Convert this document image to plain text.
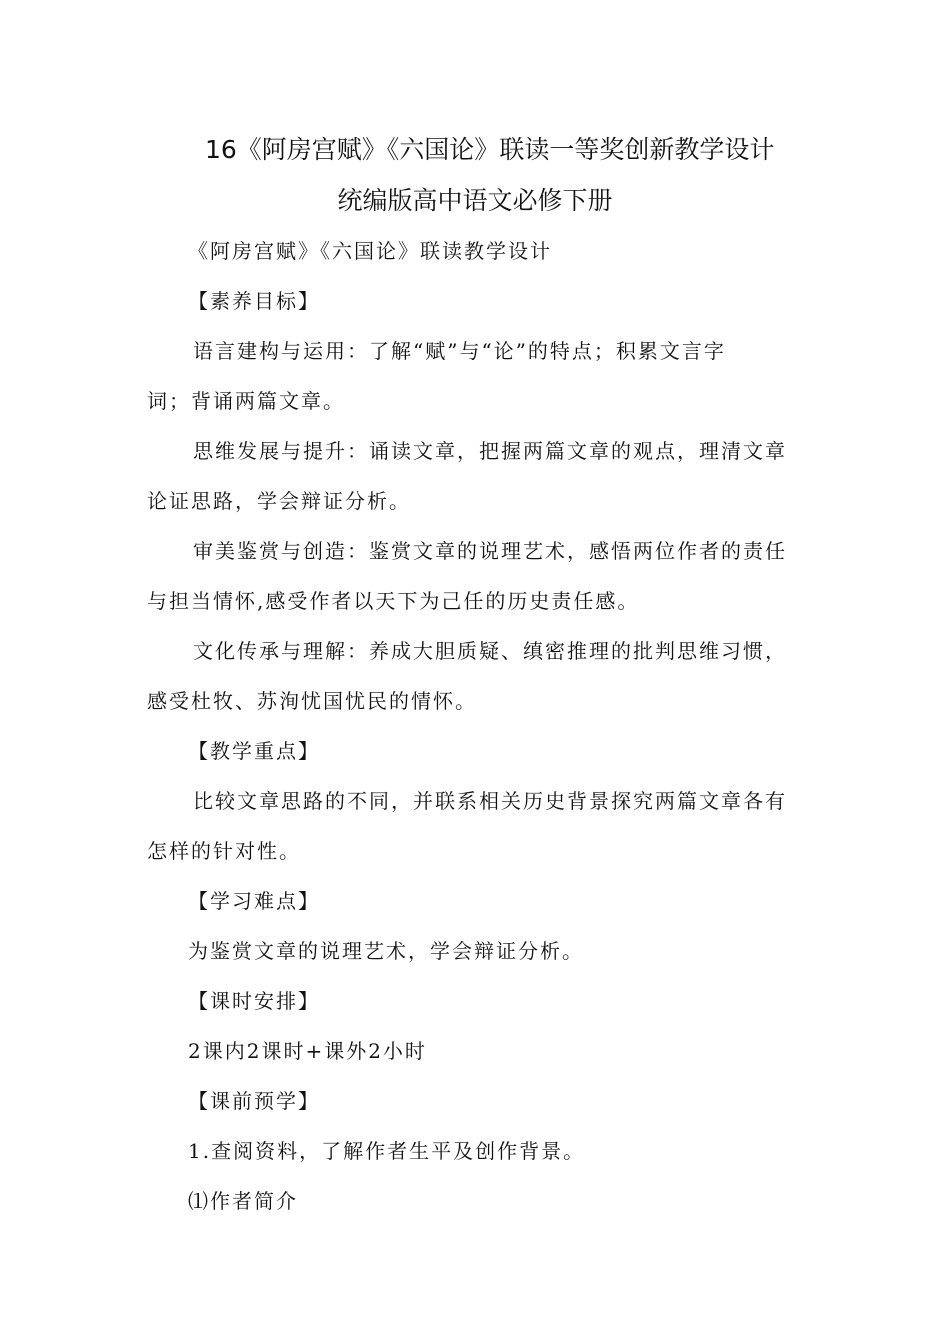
16《阿房宫赋》《六国论》联读一等奖创新教学设计
统编版高中语文必修下册

《阿房宫赋》《六国论》联读教学设计

【素养目标】

语言建构与运用：了解“赋”与“论”的特点；积累文言字

词；背诵两篇文章。

思维发展与提升：诵读文章，把握两篇文章的观点，理清文章

论证思路，学会辩证分析。

审美鉴赏与创造：鉴赏文章的说理艺术，感悟两位作者的责任

与担当情怀,感受作者以天下为己任的历史责任感。

文化传承与理解：养成大胆质疑、缜密推理的批判思维习惯，

感受杜牧、苏洵忧国忧民的情怀。

【教学重点】

比较文章思路的不同，并联系相关历史背景探究两篇文章各有

怎样的针对性。

【学习难点】

为鉴赏文章的说理艺术，学会辩证分析。

【课时安排】

2课内2课时+课外2小时

【课前预学】

1.查阅资料，了解作者生平及创作背景。

⑴作者简介
